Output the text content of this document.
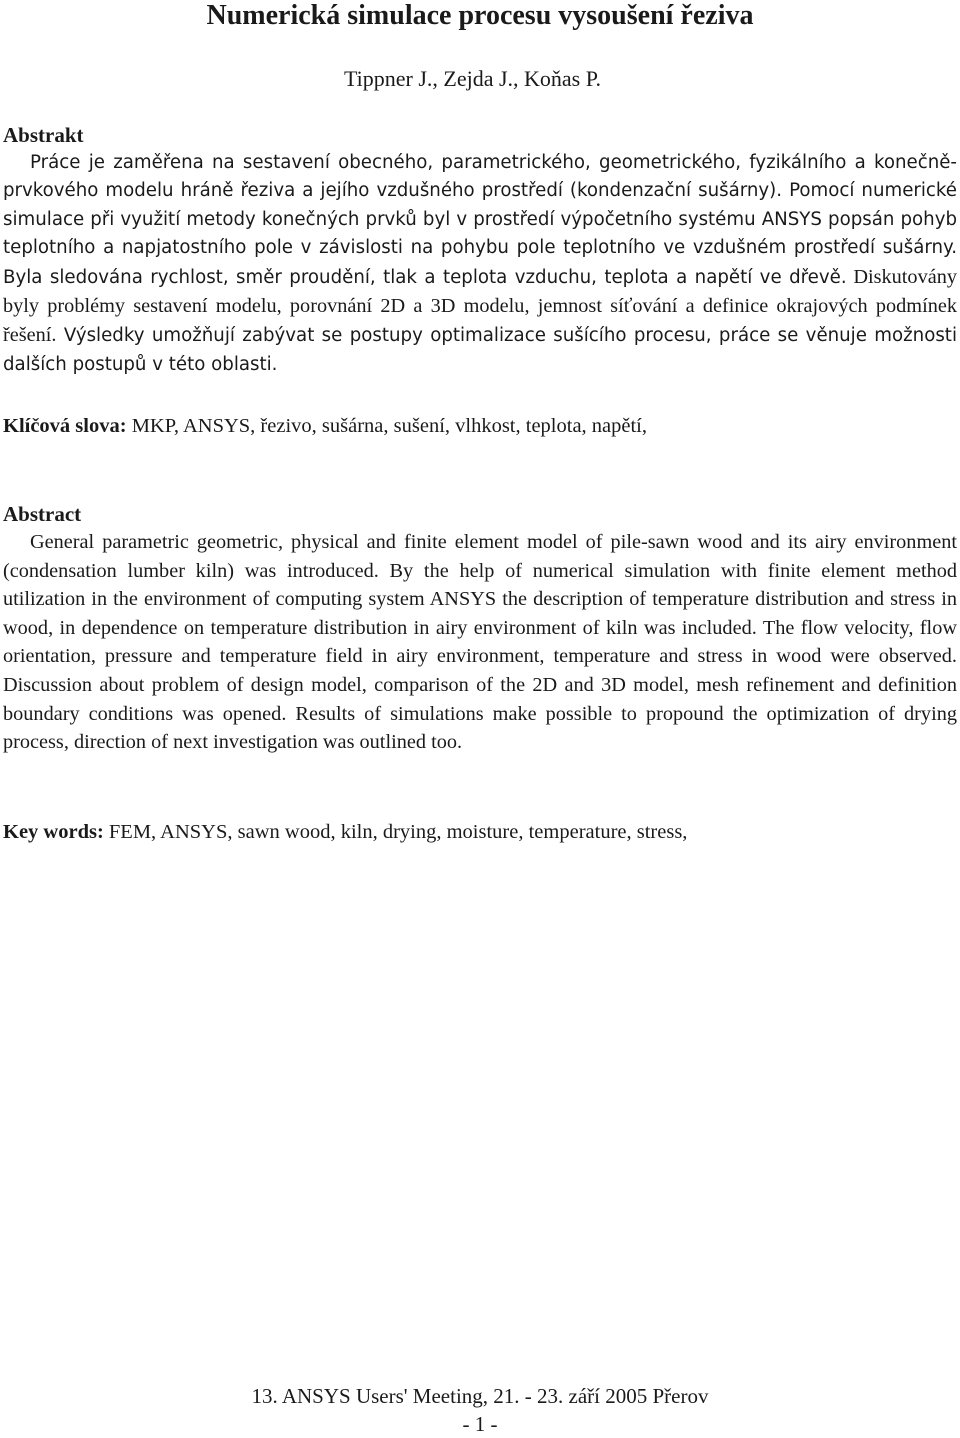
Numerická simulace procesu vysoušení řeziva
Tippner J., Zejda J., Koňas P.

Abstrakt

Práce je zaměřena na sestavení obecného, parametrického, geometrického, fyzikálního a konečně-prvkového modelu hráně řeziva a jejího vzdušného prostředí (kondenzační sušárny). Pomocí numerické simulace při využití metody konečných prvků byl v prostředí výpočetního systému ANSYS popsán pohyb teplotního a napjatostního pole v závislosti na pohybu pole teplotního ve vzdušném prostředí sušárny. Byla sledována rychlost, směr proudění, tlak a teplota vzduchu, teplota a napětí ve dřevě. Diskutovány byly problémy sestavení modelu, porovnání 2D a 3D modelu, jemnost síťování a definice okrajových podmínek řešení. Výsledky umožňují zabývat se postupy optimalizace sušícího procesu, práce se věnuje možnosti dalších postupů v této oblasti.

Klíčová slova: MKP, ANSYS, řezivo, sušárna, sušení, vlhkost, teplota, napětí,

Abstract

General parametric geometric, physical and finite element model of pile-sawn wood and its airy environment (condensation lumber kiln) was introduced. By the help of numerical simulation with finite element method utilization in the environment of computing system ANSYS the description of temperature distribution and stress in wood, in dependence on temperature distribution in airy environment of kiln was included. The flow velocity, flow orientation, pressure and temperature field in airy environment, temperature and stress in wood were observed. Discussion about problem of design model, comparison of the 2D and 3D model, mesh refinement and definition boundary conditions was opened. Results of simulations make possible to propound the optimization of drying process, direction of next investigation was outlined too.

Key words: FEM, ANSYS, sawn wood, kiln, drying, moisture, temperature, stress,

13. ANSYS Users' Meeting, 21. - 23. září 2005 Přerov
- 1 -
